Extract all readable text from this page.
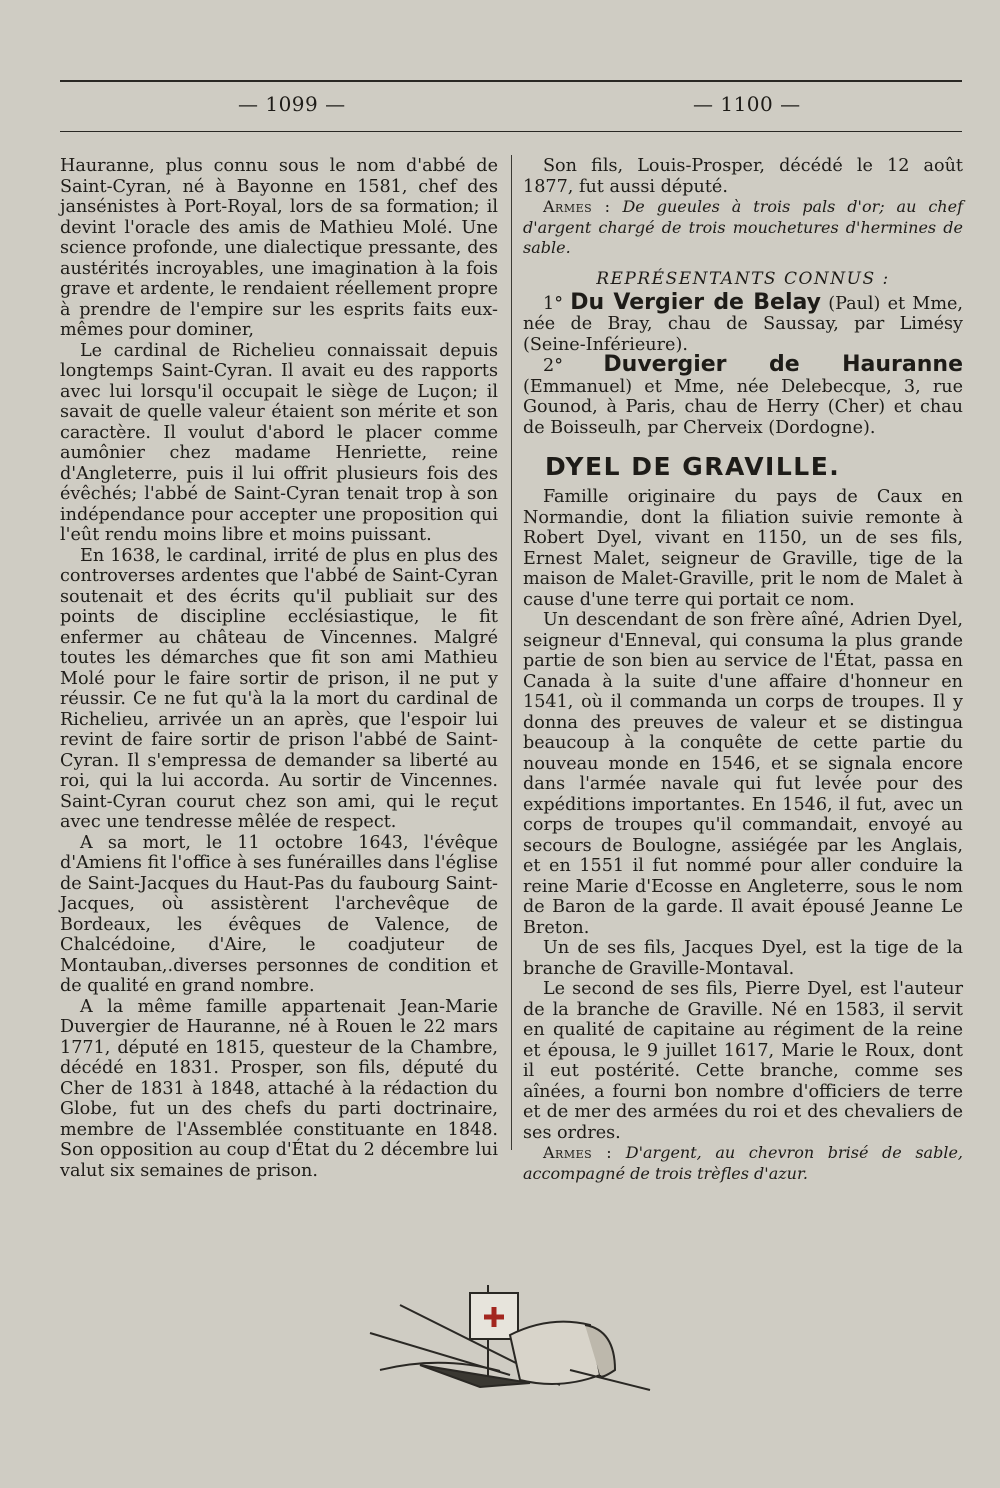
— 1099 —	— 1100 —

Hauranne, plus connu sous le nom d'abbé de Saint-Cyran, né à Bayonne en 1581, chef des jansénistes à Port-Royal, lors de sa formation; il devint l'oracle des amis de Mathieu Molé. Une science profonde, une dialectique pressante, des austérités incroyables, une imagination à la fois grave et ardente, le rendaient réellement propre à prendre de l'empire sur les esprits faits eux-mêmes pour dominer,

Le cardinal de Richelieu connaissait depuis longtemps Saint-Cyran. Il avait eu des rapports avec lui lorsqu'il occupait le siège de Luçon; il savait de quelle valeur étaient son mérite et son caractère. Il voulut d'abord le placer comme aumônier chez madame Henriette, reine d'Angleterre, puis il lui offrit plusieurs fois des évêchés; l'abbé de Saint-Cyran tenait trop à son indépendance pour accepter une proposition qui l'eût rendu moins libre et moins puissant.

En 1638, le cardinal, irrité de plus en plus des controverses ardentes que l'abbé de Saint-Cyran soutenait et des écrits qu'il publiait sur des points de discipline ecclésiastique, le fit enfermer au château de Vincennes. Malgré toutes les démarches que fit son ami Mathieu Molé pour le faire sortir de prison, il ne put y réussir. Ce ne fut qu'à la la mort du cardinal de Richelieu, arrivée un an après, que l'espoir lui revint de faire sortir de prison l'abbé de Saint-Cyran. Il s'empressa de demander sa liberté au roi, qui la lui accorda. Au sortir de Vincennes. Saint-Cyran courut chez son ami, qui le reçut avec une tendresse mêlée de respect.

A sa mort, le 11 octobre 1643, l'évêque d'Amiens fit l'office à ses funérailles dans l'église de Saint-Jacques du Haut-Pas du faubourg Saint-Jacques, où assistèrent l'archevêque de Bordeaux, les évêques de Valence, de Chalcédoine, d'Aire, le coadjuteur de Montauban,.diverses personnes de condition et de qualité en grand nombre.

A la même famille appartenait Jean-Marie Duvergier de Hauranne, né à Rouen le 22 mars 1771, député en 1815, questeur de la Chambre, décédé en 1831. Prosper, son fils, député du Cher de 1831 à 1848, attaché à la rédaction du Globe, fut un des chefs du parti doctrinaire, membre de l'Assemblée constituante en 1848. Son opposition au coup d'État du 2 décembre lui valut six semaines de prison.

Son fils, Louis-Prosper, décédé le 12 août 1877, fut aussi député.

Armes : De gueules à trois pals d'or; au chef d'argent chargé de trois mouchetures d'hermines de sable.

REPRÉSENTANTS CONNUS :

1° Du Vergier de Belay (Paul) et Mme, née de Bray, chau de Saussay, par Limésy (Seine-Inférieure).

2° Duvergier de Hauranne (Emmanuel) et Mme, née Delebecque, 3, rue Gounod, à Paris, chau de Herry (Cher) et chau de Boisseulh, par Cherveix (Dordogne).

DYEL DE GRAVILLE.

Famille originaire du pays de Caux en Normandie, dont la filiation suivie remonte à Robert Dyel, vivant en 1150, un de ses fils, Ernest Malet, seigneur de Graville, tige de la maison de Malet-Graville, prit le nom de Malet à cause d'une terre qui portait ce nom.

Un descendant de son frère aîné, Adrien Dyel, seigneur d'Enneval, qui consuma la plus grande partie de son bien au service de l'État, passa en Canada à la suite d'une affaire d'honneur en 1541, où il commanda un corps de troupes. Il y donna des preuves de valeur et se distingua beaucoup à la conquête de cette partie du nouveau monde en 1546, et se signala encore dans l'armée navale qui fut levée pour des expéditions importantes. En 1546, il fut, avec un corps de troupes qu'il commandait, envoyé au secours de Boulogne, assiégée par les Anglais, et en 1551 il fut nommé pour aller conduire la reine Marie d'Ecosse en Angleterre, sous le nom de Baron de la garde. Il avait épousé Jeanne Le Breton.

Un de ses fils, Jacques Dyel, est la tige de la branche de Graville-Montaval.

Le second de ses fils, Pierre Dyel, est l'auteur de la branche de Graville. Né en 1583, il servit en qualité de capitaine au régiment de la reine et épousa, le 9 juillet 1617, Marie le Roux, dont il eut postérité. Cette branche, comme ses aînées, a fourni bon nombre d'officiers de terre et de mer des armées du roi et des chevaliers de ses ordres.

Armes : D'argent, au chevron brisé de sable, accompagné de trois trèfles d'azur.
